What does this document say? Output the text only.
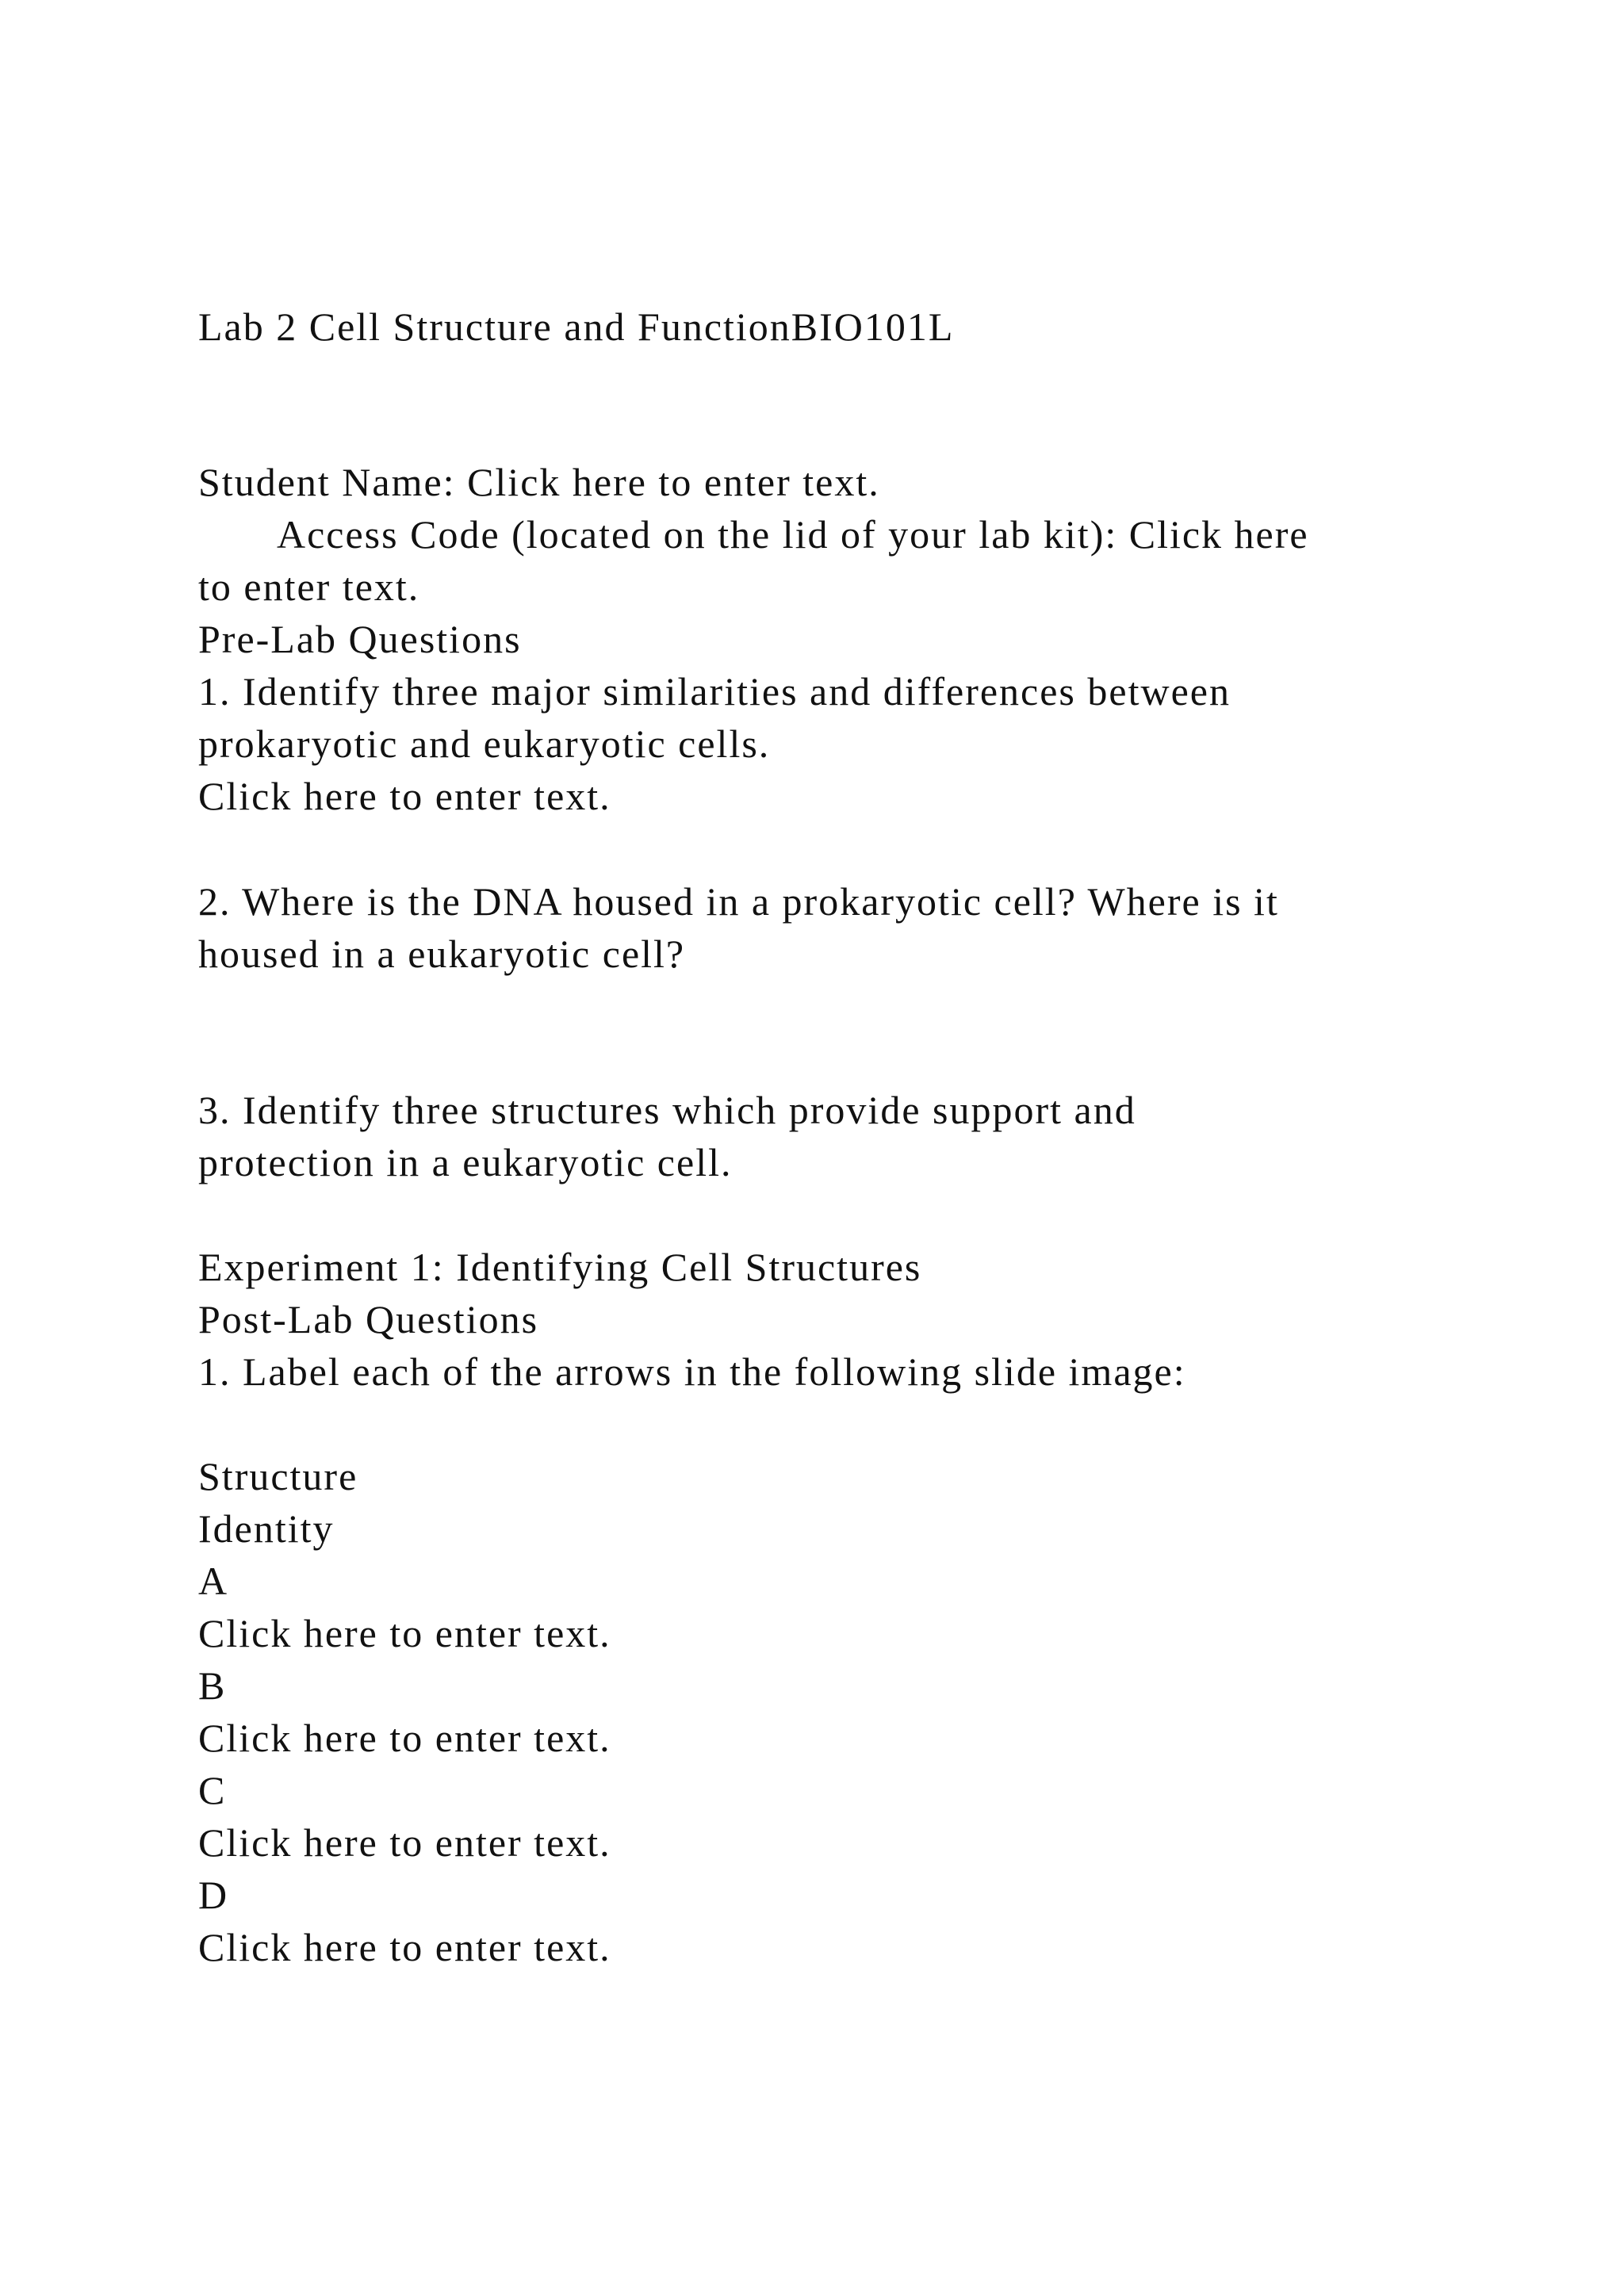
Lab 2 Cell Structure and FunctionBIO101L
Student Name: Click here to enter text.
Access Code (located on the lid of your lab kit): Click here
to enter text.
Pre-Lab Questions
1. Identify three major similarities and differences between
prokaryotic and eukaryotic cells.
Click here to enter text.
2. Where is the DNA housed in a prokaryotic cell? Where is it
housed in a eukaryotic cell?
3. Identify three structures which provide support and
protection in a eukaryotic cell.
Experiment 1: Identifying Cell Structures
Post-Lab Questions
1. Label each of the arrows in the following slide image:
Structure
Identity
A
Click here to enter text.
B
Click here to enter text.
C
Click here to enter text.
D
Click here to enter text.
